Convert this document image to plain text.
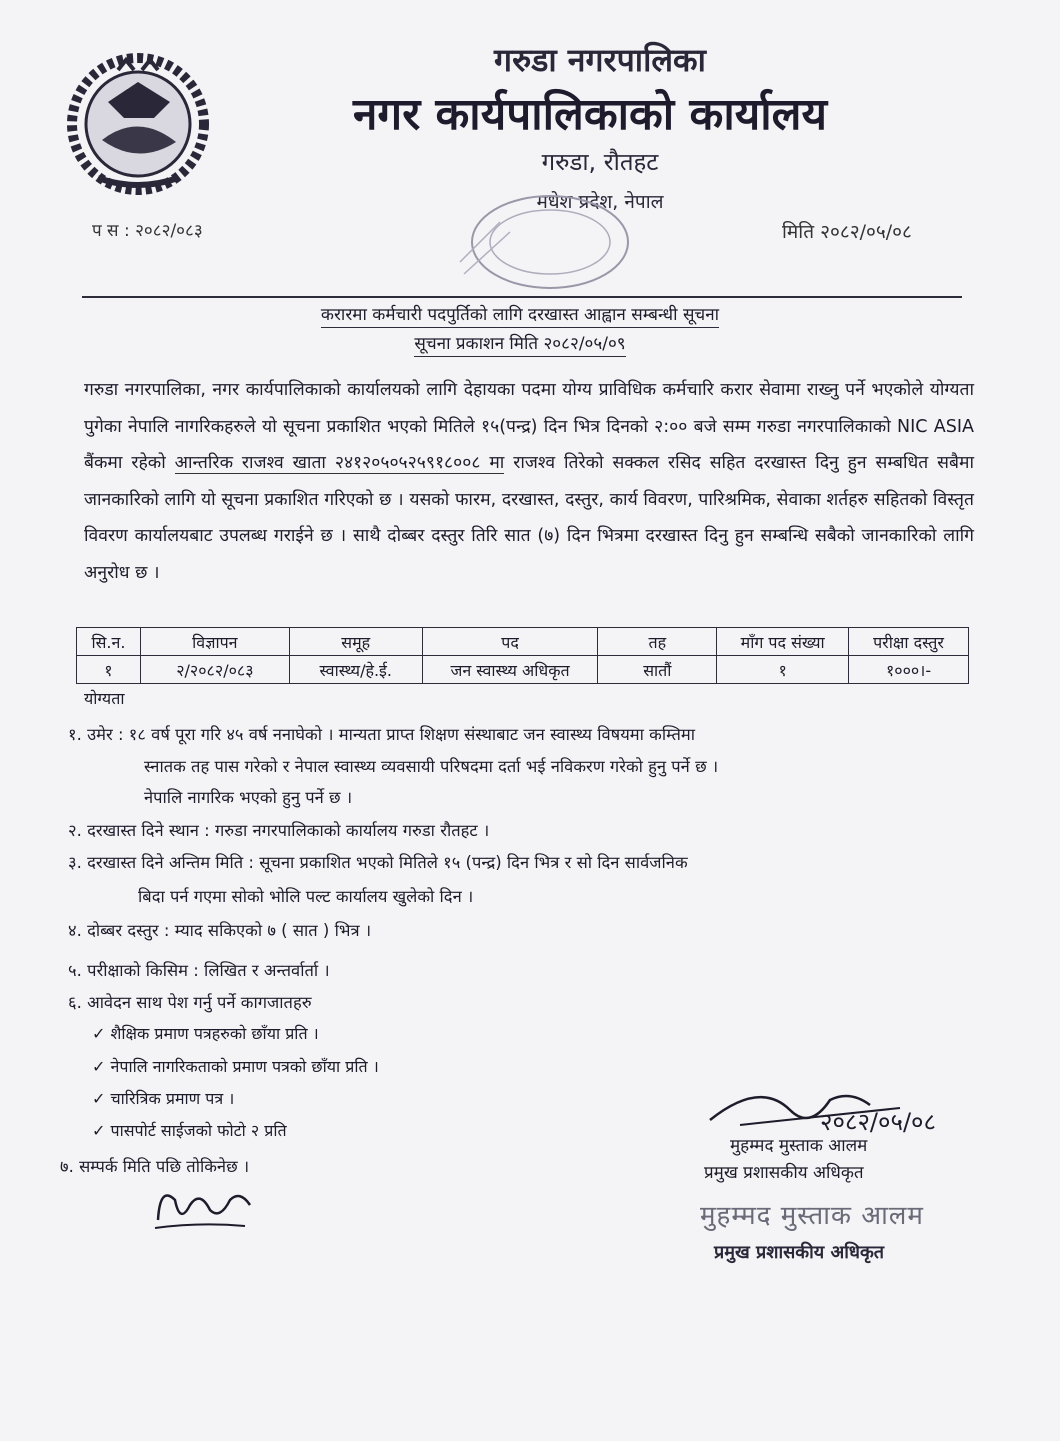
गरुडा नगरपालिका
नगर कार्यपालिकाको कार्यालय
गरुडा, रौतहट
मधेश प्रदेश, नेपाल
प स : २०८२/०८३	मिति २०८२/०५/०८
करारमा कर्मचारी पदपुर्तिको लागि दरखास्त आह्वान सम्बन्धी सूचना
सूचना प्रकाशन मिति २०८२/०५/०९
गरुडा नगरपालिका, नगर कार्यपालिकाको कार्यालयको लागि देहायका पदमा योग्य प्राविधिक कर्मचारि करार सेवामा राख्नु पर्ने भएकोले योग्यता पुगेका नेपालि नागरिकहरुले यो सूचना प्रकाशित भएको मितिले १५(पन्द्र) दिन भित्र दिनको २:०० बजे सम्म गरुडा नगरपालिकाको NIC ASIA बैंकमा रहेको आन्तरिक राजश्व खाता २४१२०५०५२५९१८००८ मा राजश्व तिरेको सक्कल रसिद सहित दरखास्त दिनु हुन सम्बधित सबैमा जानकारिको लागि यो सूचना प्रकाशित गरिएको छ । यसको फारम, दरखास्त, दस्तुर, कार्य विवरण, पारिश्रमिक, सेवाका शर्तहरु सहितको विस्तृत विवरण कार्यालयबाट उपलब्ध गराईने छ । साथै दोब्बर दस्तुर तिरि सात (७) दिन भित्रमा दरखास्त दिनु हुन सम्बन्धि सबैको जानकारिको लागि अनुरोध छ ।
सि.न.	विज्ञापन	समूह	पद	तह	माँग पद संख्या	परीक्षा दस्तुर
१	२/२०८२/०८३	स्वास्थ्य/हे.ई.	जन स्वास्थ्य अधिकृत	सातौं	१	१०००।-
योग्यता
१. उमेर : १८ वर्ष पूरा गरि ४५ वर्ष ननाघेको । मान्यता प्राप्त शिक्षण संस्थाबाट जन स्वास्थ्य विषयमा कम्तिमा
स्नातक तह पास गरेको र नेपाल स्वास्थ्य व्यवसायी परिषदमा दर्ता भई नविकरण गरेको हुनु पर्ने छ ।
नेपालि नागरिक भएको हुनु पर्ने छ ।
२. दरखास्त दिने स्थान : गरुडा नगरपालिकाको कार्यालय गरुडा रौतहट ।
३. दरखास्त दिने अन्तिम मिति : सूचना प्रकाशित भएको मितिले १५ (पन्द्र) दिन भित्र र सो दिन सार्वजनिक
बिदा पर्न गएमा सोको भोलि पल्ट कार्यालय खुलेको दिन ।
४. दोब्बर दस्तुर : म्याद सकिएको ७ ( सात ) भित्र ।
५. परीक्षाको किसिम : लिखित र अन्तर्वार्ता ।
६. आवेदन साथ पेश गर्नु पर्ने कागजातहरु
✓ शैक्षिक प्रमाण पत्रहरुको छाँया प्रति ।
✓ नेपालि नागरिकताको प्रमाण पत्रको छाँया प्रति ।
✓ चारित्रिक प्रमाण पत्र ।
✓ पासपोर्ट साईजको फोटो २ प्रति
७. सम्पर्क मिति पछि तोकिनेछ ।
२०८२/०५/०८
मुहम्मद मुस्ताक आलम
प्रमुख प्रशासकीय अधिकृत
मुहम्मद मुस्ताक आलम
प्रमुख प्रशासकीय अधिकृत
